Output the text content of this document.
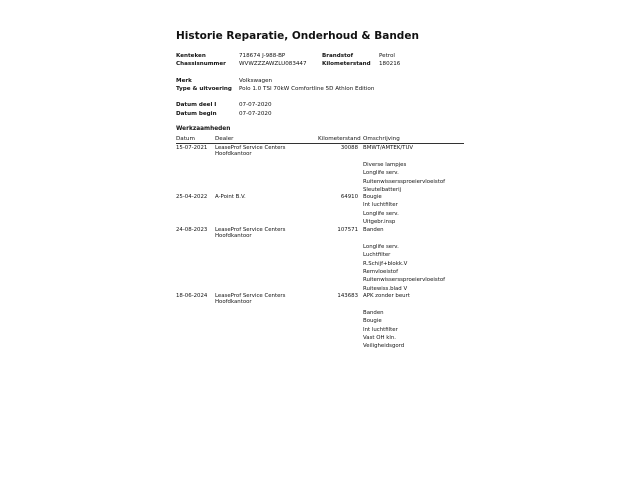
Historie Reparatie, Onderhoud & Banden
Kenteken	718674 J-988-BP	Brandstof	Petrol
Chassisnummer WVWZZZAWZLU083447	Kilometerstand 180216
Merk	Volkswagen
Type & uitvoering Polo 1.0 TSI 70kW Comfortline 5D Athlon Edition
Datum deel I	07-07-2020
Datum begin	07-07-2020
Werkzaamheden
Datum	Dealer	Kilometerstand Omschrijving
15-07-2021 LeaseProf Service Centers
Hoofdkantoor
30088 BMWT/AMTEK/TUV
Diverse lampjes
Longlife serv.
Ruitenwisserssproeiervloeistof
Sleutelbatterij
25-04-2022 A-Point B.V.	64910 Bougie
Int luchtfilter
Longlife serv.
Uitgebr.insp
24-08-2023 LeaseProf Service Centers
Hoofdkantoor
107571 Banden
Longlife serv.
Luchtfilter
R.Schijf+blokk.V
Remvloeistof
Ruitenwisserssproeiervloeistof
Ruitewiss.blad V
18-06-2024 LeaseProf Service Centers
Hoofdkantoor
143683 APK zonder beurt
Banden
Bougie
Int luchtfilter
Vast OH kln.
Veiligheidsgord
